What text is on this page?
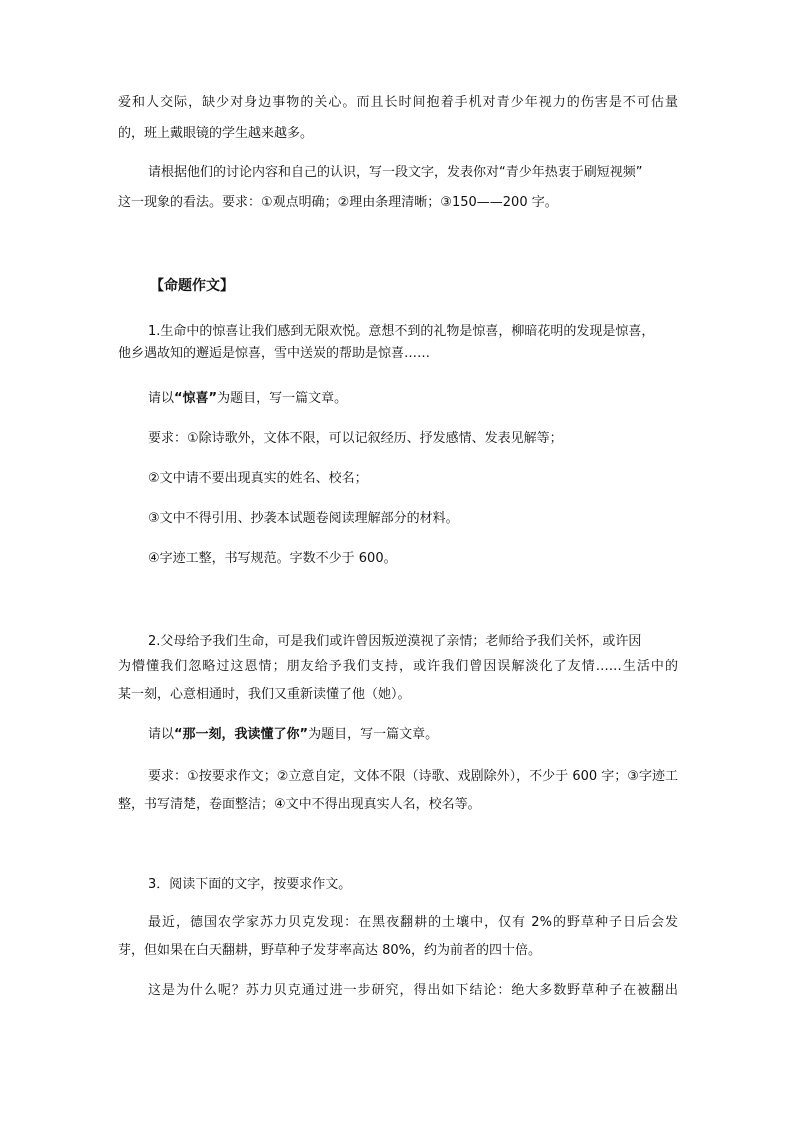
爱和人交际，缺少对身边事物的关心。而且长时间抱着手机对青少年视力的伤害是不可估量
的，班上戴眼镜的学生越来越多。
请根据他们的讨论内容和自己的认识，写一段文字，发表你对“青少年热衷于刷短视频”
这一现象的看法。要求：①观点明确；②理由条理清晰；③150——200 字。
【命题作文】
1.生命中的惊喜让我们感到无限欢悦。意想不到的礼物是惊喜，柳暗花明的发现是惊喜，
他乡遇故知的邂逅是惊喜，雪中送炭的帮助是惊喜……
请以“惊喜”为题目，写一篇文章。
要求：①除诗歌外，文体不限，可以记叙经历、抒发感情、发表见解等；
②文中请不要出现真实的姓名、校名；
③文中不得引用、抄袭本试题卷阅读理解部分的材料。
④字迹工整，书写规范。字数不少于 600。
2.父母给予我们生命，可是我们或许曾因叛逆漠视了亲情；老师给予我们关怀，或许因
为懵懂我们忽略过这恩情；朋友给予我们支持，或许我们曾因误解淡化了友情……生活中的
某一刻，心意相通时，我们又重新读懂了他（她）。
请以“那一刻，我读懂了你”为题目，写一篇文章。
要求：①按要求作文；②立意自定，文体不限（诗歌、戏剧除外），不少于 600 字；③字迹工
整，书写清楚，卷面整洁；④文中不得出现真实人名，校名等。
3．阅读下面的文字，按要求作文。
最近，德国农学家苏力贝克发现：在黑夜翻耕的土壤中，仅有 2%的野草种子日后会发
芽，但如果在白天翻耕，野草种子发芽率高达 80%，约为前者的四十倍。
这是为什么呢？苏力贝克通过进一步研究，得出如下结论：绝大多数野草种子在被翻出
